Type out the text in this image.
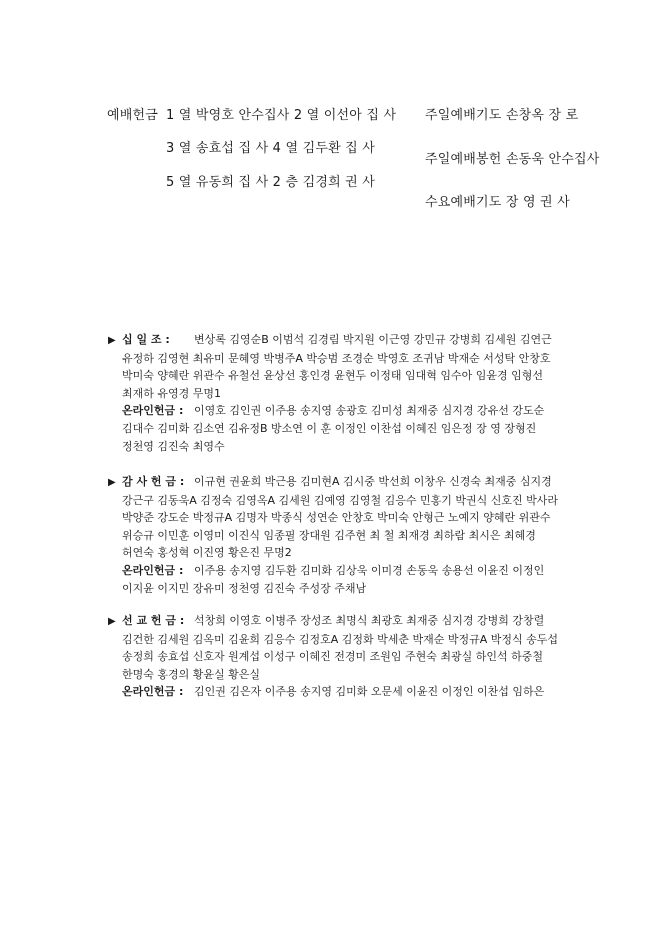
예배헌금 1 열 박영호 안수집사 2 열 이선아 집 사
3 열 송효섭 집 사 4 열 김두환 집 사
5 열 유동희 집 사 2 층 김경희 권 사
주일예배기도 손창옥 장 로
주일예배봉헌 손동욱 안수집사
수요예배기도 장 영 권 사
▶ 십 일 조 :	변상록 김영순B 이범석 김경림 박지원 이근영 강민규 강병희 김세원 김연근
유정하 김영현 최유미 문혜영 박병주A 박승범 조경순 박영호 조귀남 박재순 서성탁 안창호
박미숙 양혜란 위관수 유철선 윤상선 홍인경 윤현두 이정태 임대혁 임수아 임윤경 임형선
최재하 유영경 무명1
온라인헌금 : 이영호 김인권 이주용 송지영 송광호 김미성 최재중 심지경 강유선 강도순
김대수 김미화 김소연 김유정B 방소연 이 훈 이정인 이찬섭 이혜진 임은정 장 영 장형진
정천영 김진숙 최영수
▶ 감 사 헌 금 : 이규현 권윤희 박근용 김미현A 김시중 박선희 이창우 신경숙 최재중 심지경
강근구 김동욱A 김정숙 김영옥A 김세원 김예영 김영철 김응수 민홍기 박권식 신호진 박사라
박양준 강도순 박정규A 김명자 박종식 성연순 안창호 박미숙 안형근 노예지 양혜란 위관수
위승규 이민훈 이영미 이진식 임종필 장대원 김주현 최 철 최재경 최하람 최시은 최혜경
허연숙 홍성혁 이진영 황은진 무명2
온라인헌금 : 이주용 송지영 김두환 김미화 김상욱 이미경 손동욱 송용선 이윤진 이정인
이지윤 이지민 장유미 정천영 김진숙 주성장 주채남
▶ 선 교 헌 금 : 석창희 이영호 이병주 장성조 최명식 최광호 최재중 심지경 강병희 강창렬
김건한 김세원 김옥미 김윤희 김응수 김정호A 김정화 박세춘 박재순 박정규A 박정식 송두섭
송정희 송효섭 신호자 원계섭 이성구 이혜진 전경미 조원임 주현숙 최광실 하인석 하중철
한명숙 홍경의 황윤실 황은실
온라인헌금 : 김인권 김은자 이주용 송지영 김미화 오문세 이윤진 이정인 이찬섭 임하은
